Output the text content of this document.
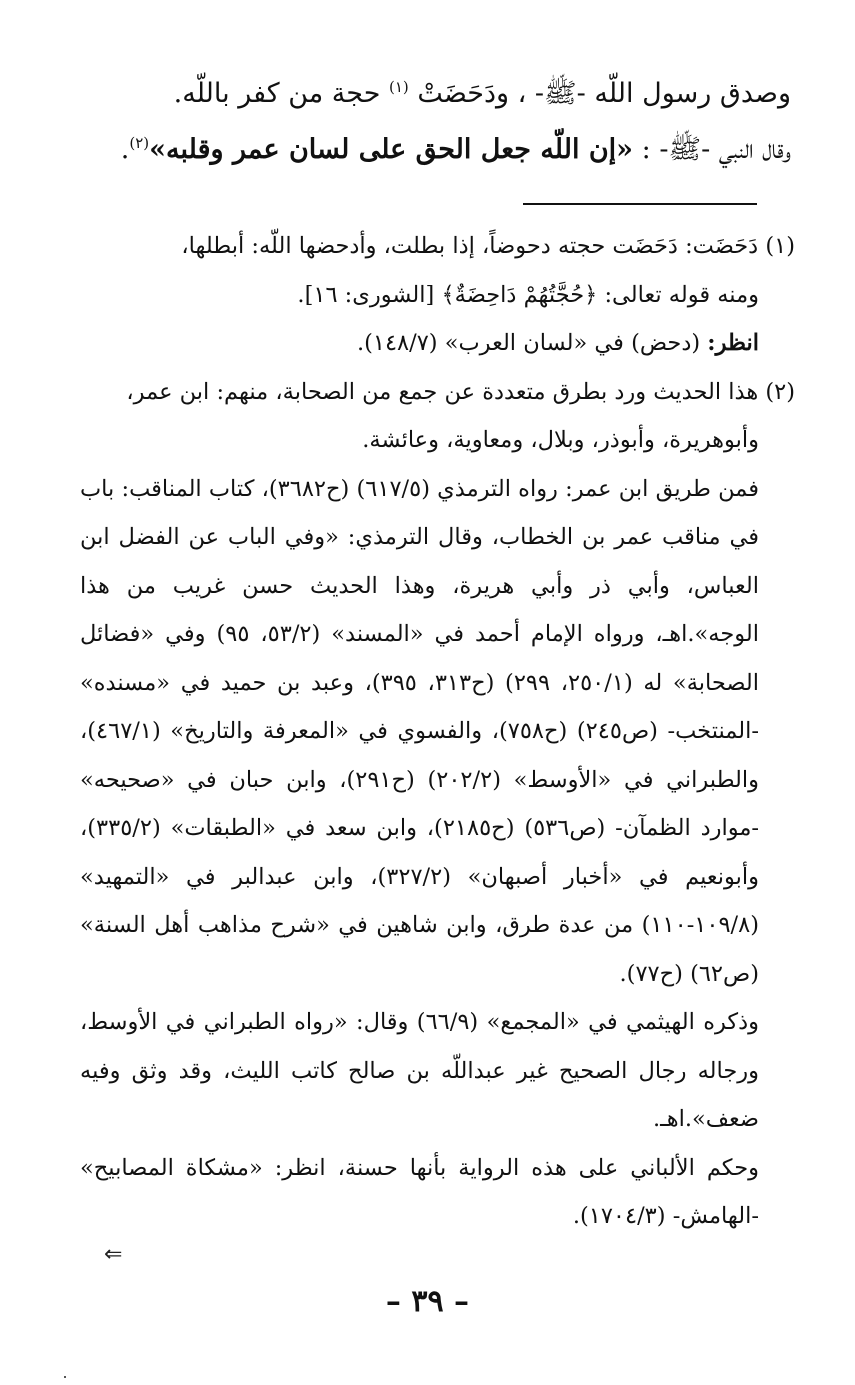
وصدق رسول اللّه -ﷺ- ، ودَحَضَتْ $^{(١)}$ حجة من كفر باللّه.

وقال النبي -ﷺ- : «إن اللّه جعل الحق على لسان عمر وقلبه»$^{(٢)}$.

(١) دَحَضَت: دَحَضَت حجته دحوضاً، إذا بطلت، وأدحضها اللّه: أبطلها،

ومنه قوله تعالى: ﴿حُجَّتُهُمْ دَاحِضَةٌ﴾ [الشورى: ١٦].

انظر: (دحض) في «لسان العرب» (١٤٨/٧).

(٢) هذا الحديث ورد بطرق متعددة عن جمع من الصحابة، منهم: ابن عمر،

وأبوهريرة، وأبوذر، وبلال، ومعاوية، وعائشة.

فمن طريق ابن عمر: رواه الترمذي (٦١٧/٥) (ح٣٦٨٢)، كتاب المناقب: باب في مناقب عمر بن الخطاب، وقال الترمذي: «وفي الباب عن الفضل ابن العباس، وأبي ذر وأبي هريرة، وهذا الحديث حسن غريب من هذا الوجه».اهـ، ورواه الإمام أحمد في «المسند» (٥٣/٢، ٩٥) وفي «فضائل الصحابة» له (٢٥٠/١، ٢٩٩) (ح٣١٣، ٣٩٥)، وعبد بن حميد في «مسنده» -المنتخب- (ص٢٤٥) (ح٧٥٨)، والفسوي في «المعرفة والتاريخ» (٤٦٧/١)، والطبراني في «الأوسط» (٢٠٢/٢) (ح٢٩١)، وابن حبان في «صحيحه» -موارد الظمآن- (ص٥٣٦) (ح٢١٨٥)، وابن سعد في «الطبقات» (٣٣٥/٢)، وأبونعيم في «أخبار أصبهان» (٣٢٧/٢)، وابن عبدالبر في «التمهيد» (١٠٩/٨-١١٠) من عدة طرق، وابن شاهين في «شرح مذاهب أهل السنة» (ص٦٢) (ح٧٧).

وذكره الهيثمي في «المجمع» (٦٦/٩) وقال: «رواه الطبراني في الأوسط، ورجاله رجال الصحيح غير عبداللّه بن صالح كاتب الليث، وقد وثق وفيه ضعف».اهـ.

وحكم الألباني على هذه الرواية بأنها حسنة، انظر: «مشكاة المصابيح» -الهامش- (١٧٠٤/٣).

⇐
– ٣٩ –
